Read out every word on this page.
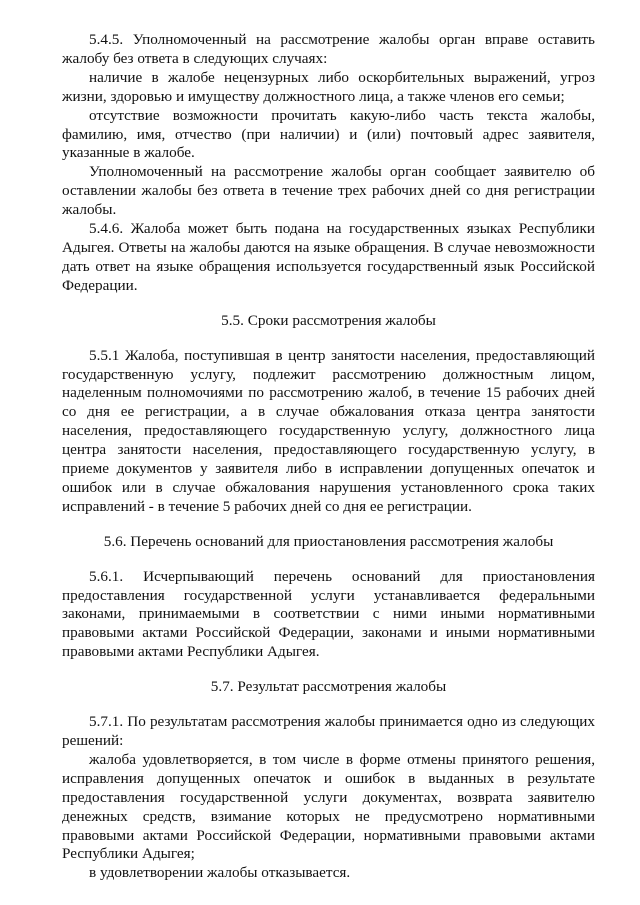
5.4.5. Уполномоченный на рассмотрение жалобы орган вправе оставить жалобу без ответа в следующих случаях:

наличие в жалобе нецензурных либо оскорбительных выражений, угроз жизни, здоровью и имуществу должностного лица, а также членов его семьи;

отсутствие возможности прочитать какую-либо часть текста жалобы, фамилию, имя, отчество (при наличии) и (или) почтовый адрес заявителя, указанные в жалобе.

Уполномоченный на рассмотрение жалобы орган сообщает заявителю об оставлении жалобы без ответа в течение трех рабочих дней со дня регистрации жалобы.

5.4.6. Жалоба может быть подана на государственных языках Республики Адыгея. Ответы на жалобы даются на языке обращения. В случае невозможности дать ответ на языке обращения используется государственный язык Российской Федерации.

5.5. Сроки рассмотрения жалобы

5.5.1 Жалоба, поступившая в центр занятости населения, предоставляющий государственную услугу, подлежит рассмотрению должностным лицом, наделенным полномочиями по рассмотрению жалоб, в течение 15 рабочих дней со дня ее регистрации, а в случае обжалования отказа центра занятости населения, предоставляющего государственную услугу, должностного лица центра занятости населения, предоставляющего государственную услугу, в приеме документов у заявителя либо в исправлении допущенных опечаток и ошибок или в случае обжалования нарушения установленного срока таких исправлений - в течение 5 рабочих дней со дня ее регистрации.

5.6. Перечень оснований для приостановления рассмотрения жалобы

5.6.1. Исчерпывающий перечень оснований для приостановления предоставления государственной услуги устанавливается федеральными законами, принимаемыми в соответствии с ними иными нормативными правовыми актами Российской Федерации, законами и иными нормативными правовыми актами Республики Адыгея.

5.7. Результат рассмотрения жалобы

5.7.1. По результатам рассмотрения жалобы принимается одно из следующих решений:

жалоба удовлетворяется, в том числе в форме отмены принятого решения, исправления допущенных опечаток и ошибок в выданных в результате предоставления государственной услуги документах, возврата заявителю денежных средств, взимание которых не предусмотрено нормативными правовыми актами Российской Федерации, нормативными правовыми актами Республики Адыгея;

в удовлетворении жалобы отказывается.
